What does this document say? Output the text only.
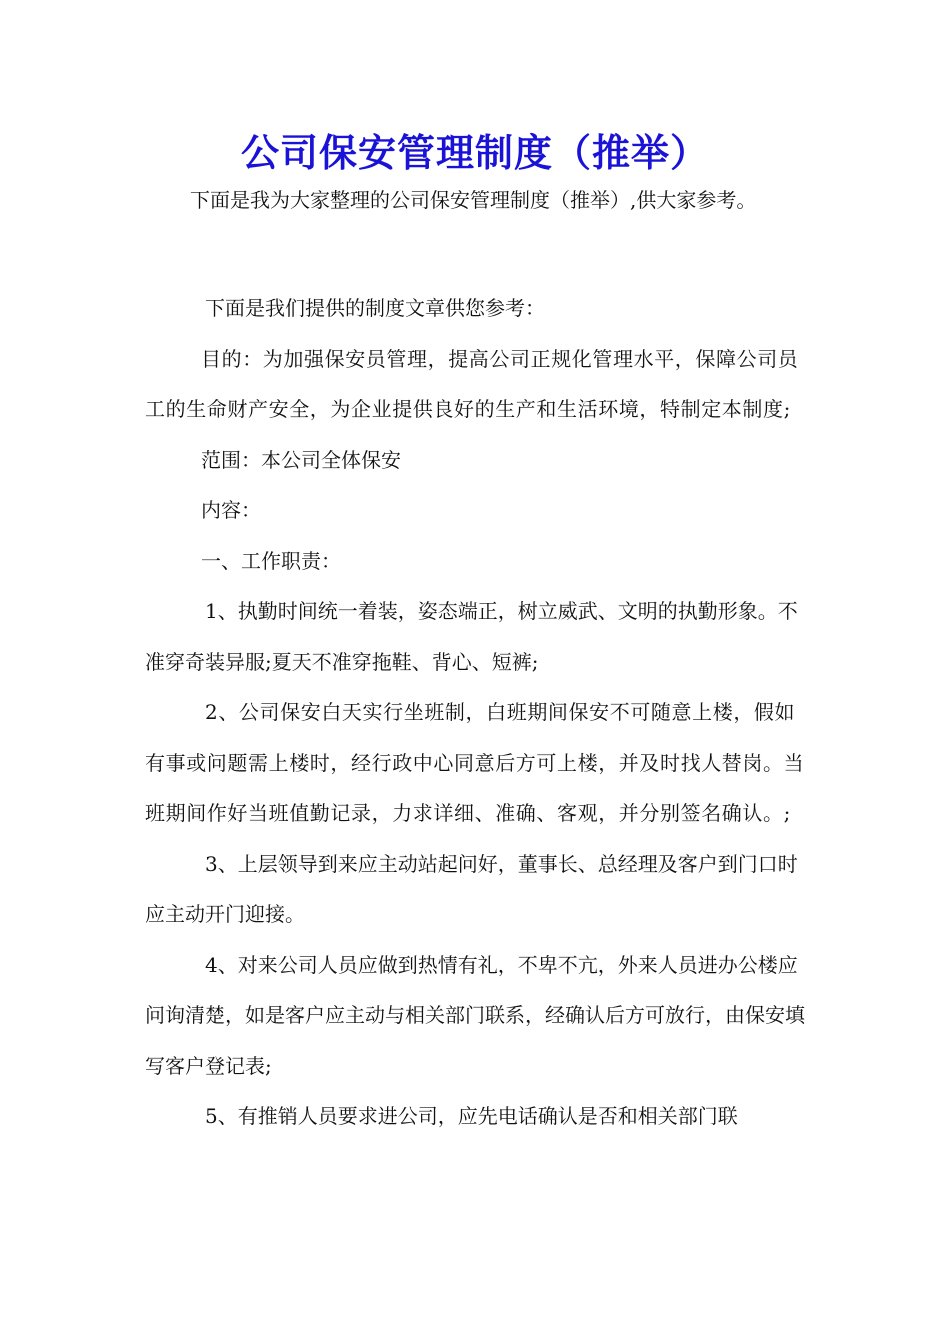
公司保安管理制度（推举）

下面是我为大家整理的公司保安管理制度（推举）,供大家参考。

下面是我们提供的制度文章供您参考：

目的：为加强保安员管理，提高公司正规化管理水平，保障公司员工的生命财产安全，为企业提供良好的生产和生活环境，特制定本制度;

范围：本公司全体保安

内容：

一、工作职责：

1、执勤时间统一着装，姿态端正，树立威武、文明的执勤形象。不准穿奇装异服;夏天不准穿拖鞋、背心、短裤;

2、公司保安白天实行坐班制，白班期间保安不可随意上楼，假如有事或问题需上楼时，经行政中心同意后方可上楼，并及时找人替岗。当班期间作好当班值勤记录，力求详细、准确、客观，并分别签名确认。;

3、上层领导到来应主动站起问好，董事长、总经理及客户到门口时应主动开门迎接。

4、对来公司人员应做到热情有礼，不卑不亢，外来人员进办公楼应问询清楚，如是客户应主动与相关部门联系，经确认后方可放行，由保安填写客户登记表;

5、有推销人员要求进公司，应先电话确认是否和相关部门联
